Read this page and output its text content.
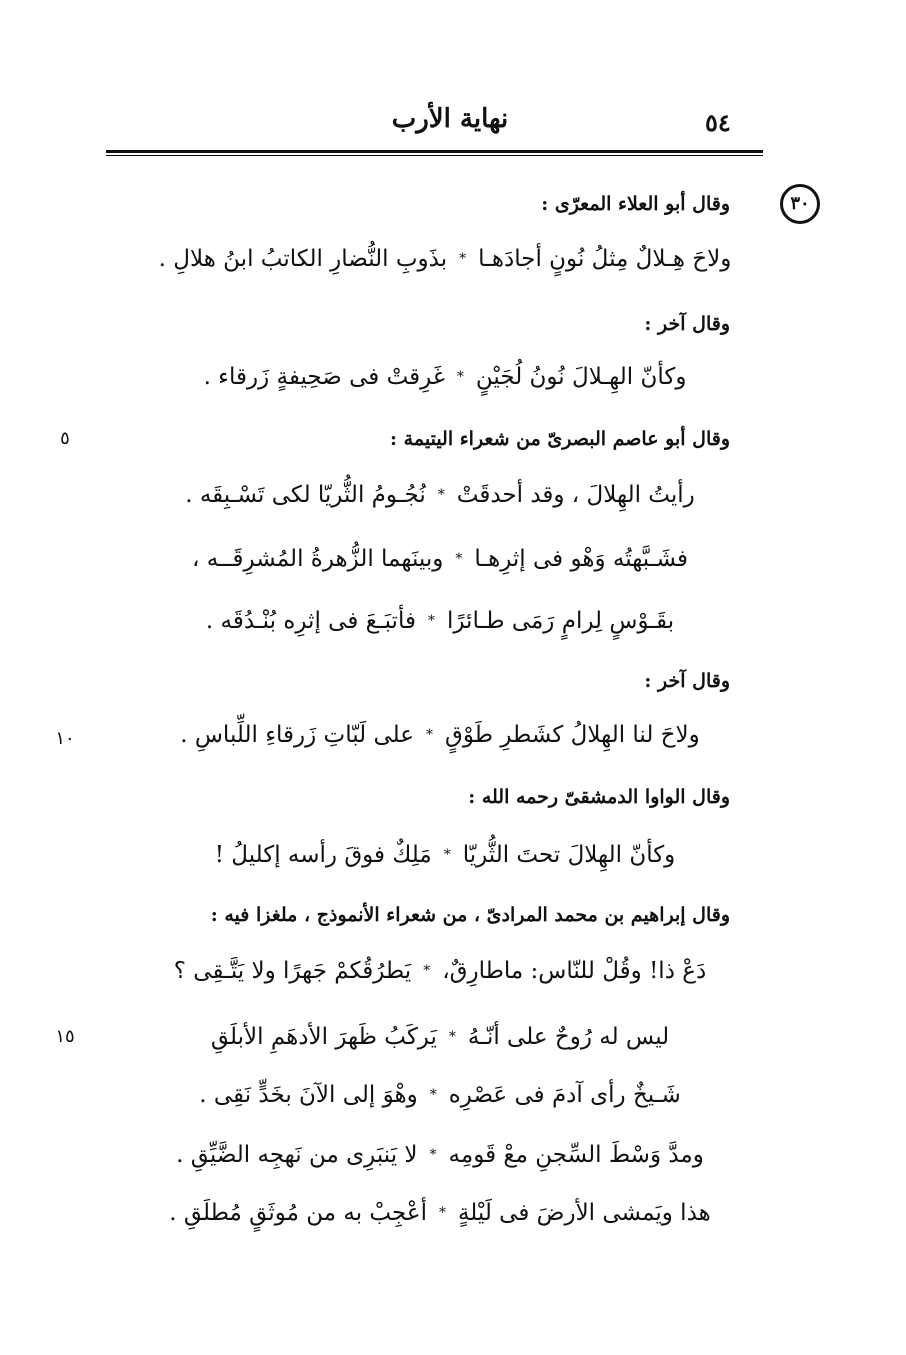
نهاية الأرب	٥٤
٣٠
٥
١٠
١٥
وقال أبو العلاء المعرّى :
ولاحَ هِـلالٌ مِثلُ نُونٍ أجادَهـا
*
بذَوبِ النُّضارِ الكاتبُ ابنُ هلالِ .
وقال آخر :
وكأنّ الهِـلالَ نُونُ لُجَيْنٍ
*
غَرِقتْ فى صَحِيفةٍ زَرقاء .
وقال أبو عاصم البصرىّ من شعراء اليتيمة :
رأيتُ الهِلالَ ، وقد أحدقَتْ
*
نُجُـومُ الثُّريّا لكى تَسْـبِقَه .
فشَـبَّهتُه وَهْو فى إثرِهـا
*
وبينَهما الزُّهرةُ المُشرِقَــه ،
بقَـوْسٍ لِرامٍ رَمَى طـائرًا
*
فأتبَـعَ فى إثرِه بُنْـدُقَه .
وقال آخر :
ولاحَ لنا الهِلالُ كشَطرِ طَوْقٍ
*
على لَبّاتِ زَرقاءِ اللِّباسِ .
وقال الواوا الدمشقىّ رحمه الله :
وكأنّ الهِلالَ تحتَ الثُّريّا
*
مَلِكٌ فوقَ رأسه إكليلُ !
وقال إبراهيم بن محمد المرادىّ ، من شعراء الأنموذج ، ملغزا فيه :
دَعْ ذا! وقُلْ للنّاس: ماطارِقٌ،
*
يَطرُقُكمْ جَهرًا ولا يَتَّـقِى ؟
ليس له رُوحٌ على أنّـهُ
*
يَركَبُ ظَهرَ الأدهَمِ الأبلَقِ
شَـيخٌ رأى آدمَ فى عَصْرِه
*
وهْوَ إلى الآنَ بخَدٍّ نَقِى .
ومدَّ وَسْطَ السِّجنِ معْ قَومِه
*
لا يَنبَرِى من نَهجِه الضَّيِّقِ .
هذا ويَمشى الأرضَ فى لَيْلةٍ
*
أعْجِبْ به من مُوثَقٍ مُطلَقِ .
